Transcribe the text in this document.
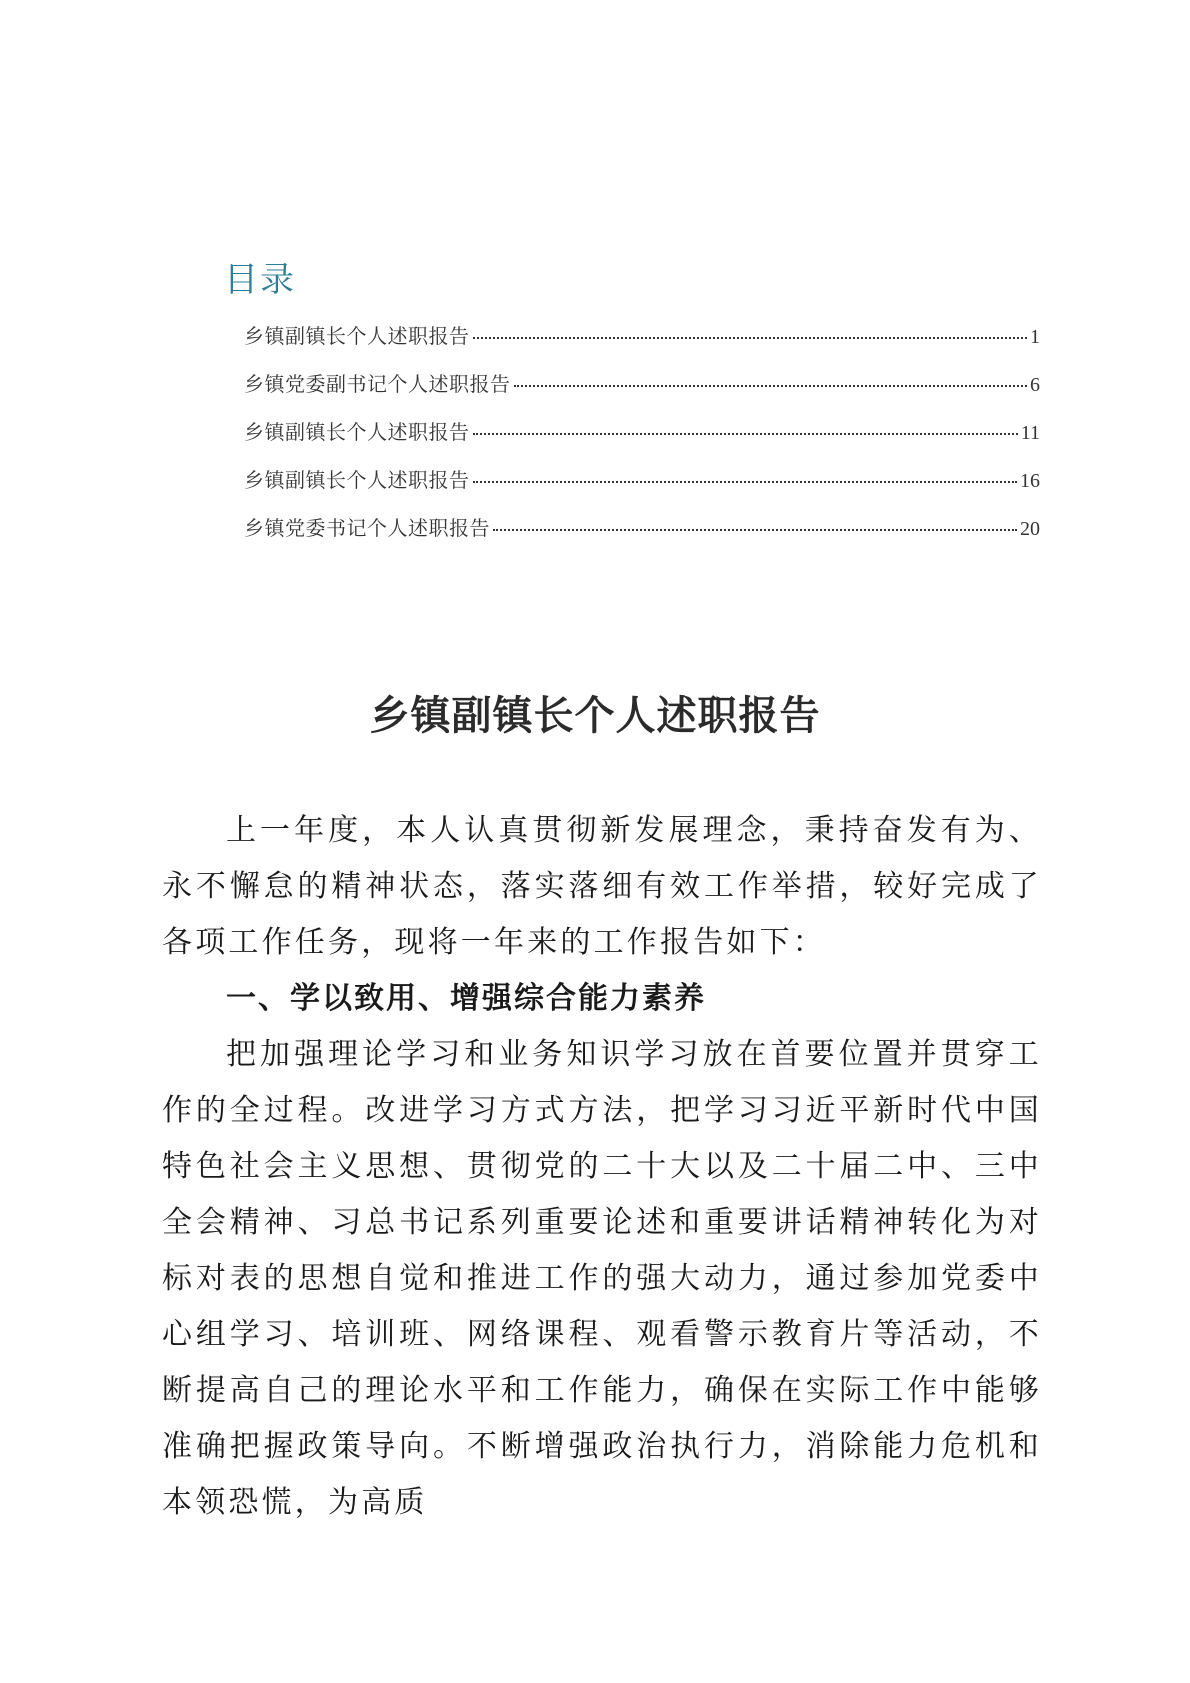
目录
乡镇副镇长个人述职报告	1
乡镇党委副书记个人述职报告	6
乡镇副镇长个人述职报告	11
乡镇副镇长个人述职报告	16
乡镇党委书记个人述职报告	20
乡镇副镇长个人述职报告

上一年度，本人认真贯彻新发展理念，秉持奋发有为、永不懈怠的精神状态，落实落细有效工作举措，较好完成了各项工作任务，现将一年来的工作报告如下：

一、学以致用、增强综合能力素养

把加强理论学习和业务知识学习放在首要位置并贯穿工作的全过程。改进学习方式方法，把学习习近平新时代中国特色社会主义思想、贯彻党的二十大以及二十届二中、三中全会精神、习总书记系列重要论述和重要讲话精神转化为对标对表的思想自觉和推进工作的强大动力，通过参加党委中心组学习、培训班、网络课程、观看警示教育片等活动，不断提高自己的理论水平和工作能力，确保在实际工作中能够准确把握政策导向。不断增强政治执行力，消除能力危机和本领恐慌，为高质
